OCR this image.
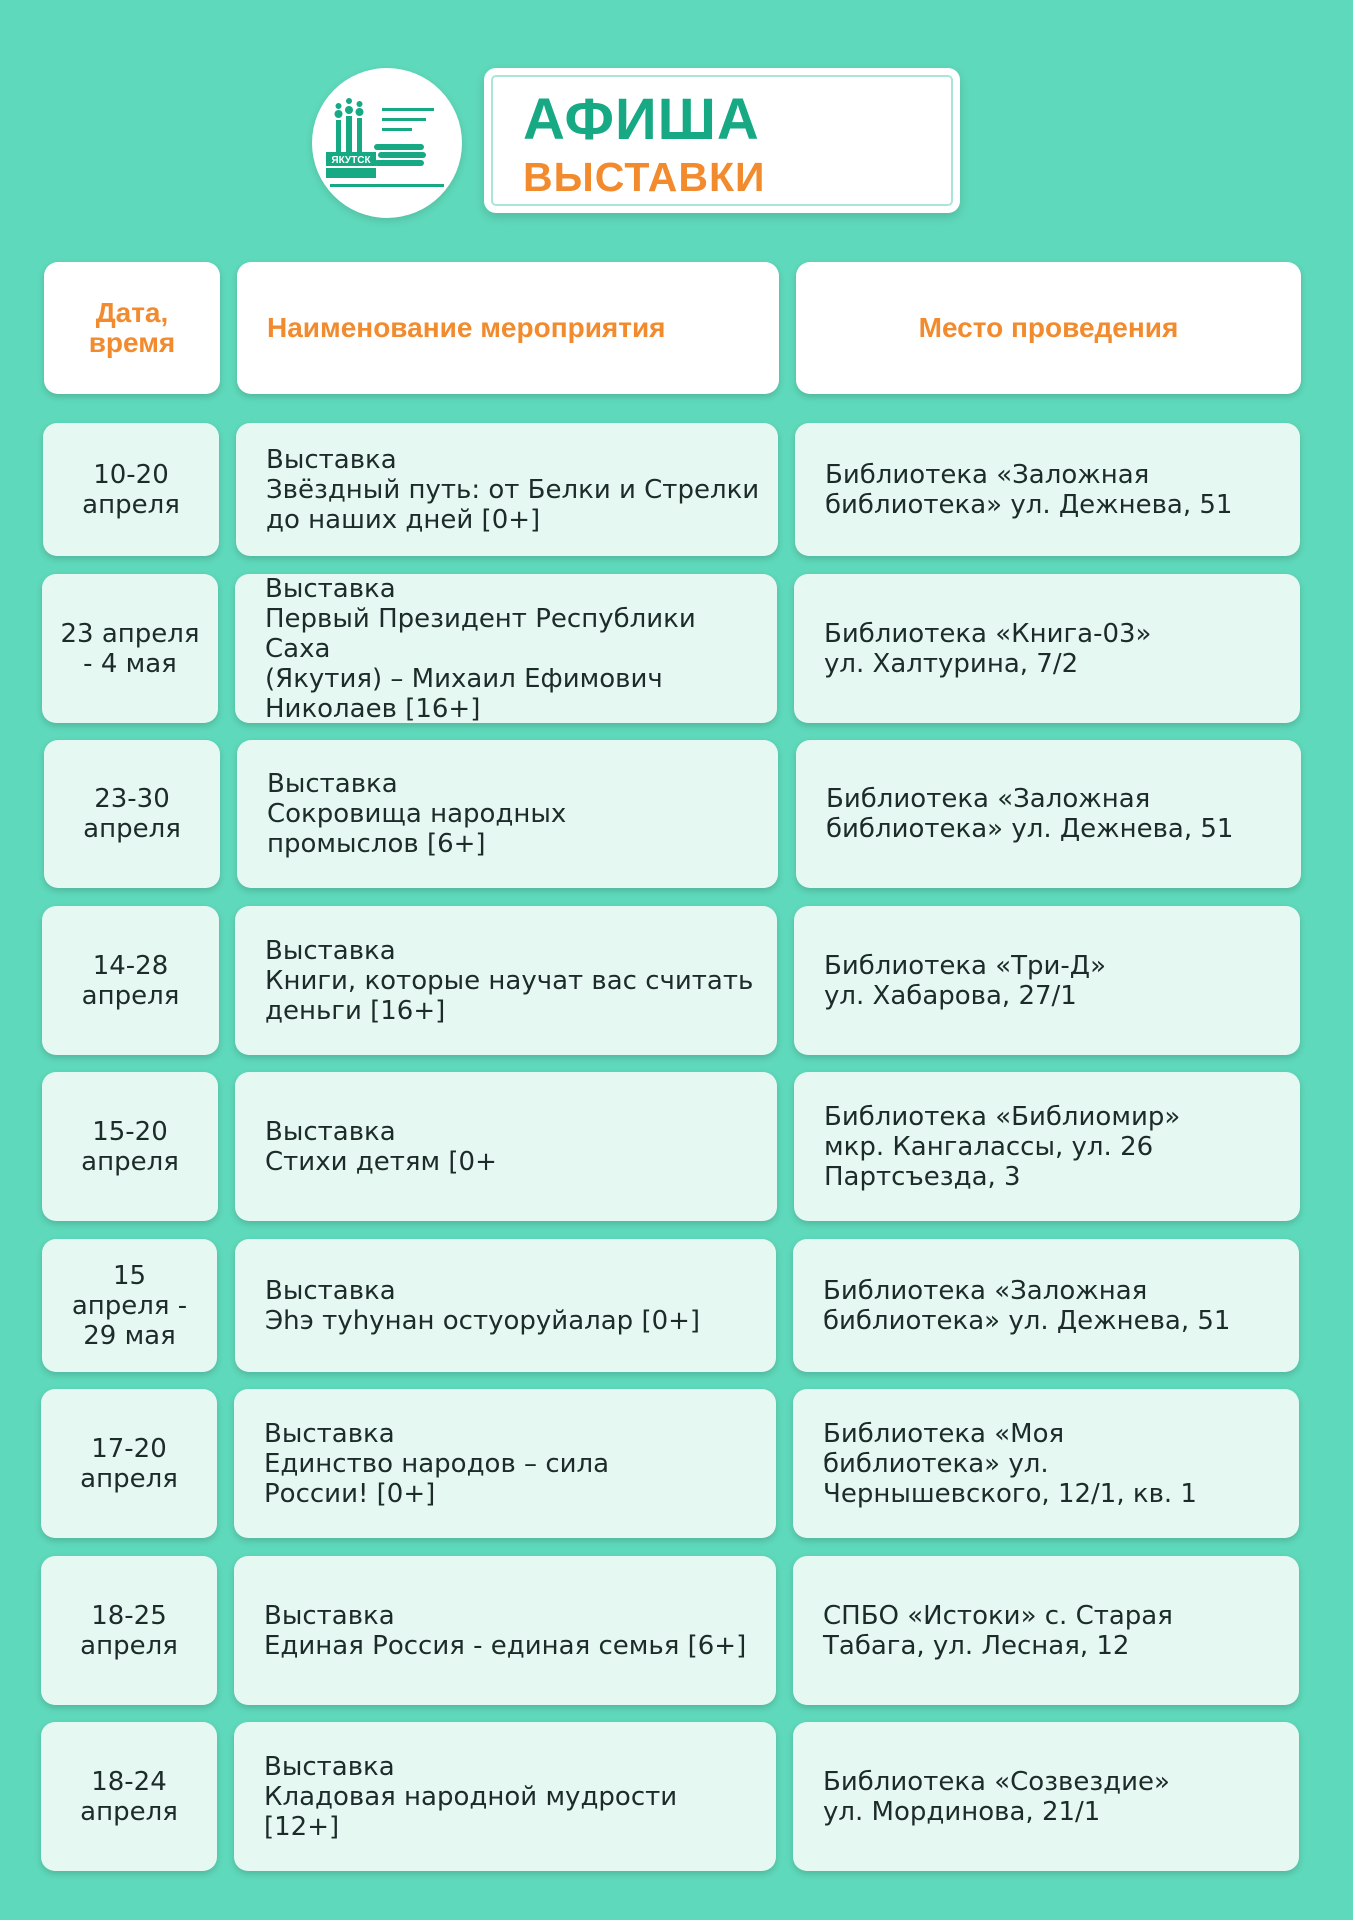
ЯКУТСК
АФИША
ВЫСТАВКИ
Дата,
время	Наименование мероприятия	Место проведения
10-20
апреля
Выставка
Звёздный путь: от Белки и Стрелки
до наших дней [0+]
Библиотека «Заложная
библиотека» ул. Дежнева, 51
23 апреля
- 4 мая
Выставка
Первый Президент Республики Саха
(Якутия) – Михаил Ефимович
Николаев [16+]
Библиотека «Книга-03»
ул. Халтурина, 7/2
23-30
апреля
Выставка
Сокровища народных
промыслов [6+]
Библиотека «Заложная
библиотека» ул. Дежнева, 51
14-28
апреля
Выставка
Книги, которые научат вас считать
деньги [16+]
Библиотека «Три-Д»
ул. Хабарова, 27/1
15-20
апреля
Выставка
Стихи детям [0+
Библиотека «Библиомир»
мкр. Кангалассы, ул. 26
Партсъезда, 3
15
апреля -
29 мая
Выставка
Эһэ туһунан остуоруйалар [0+]
Библиотека «Заложная
библиотека» ул. Дежнева, 51
17-20
апреля
Выставка
Единство народов – сила
России! [0+]
Библиотека «Моя
библиотека» ул.
Чернышевского, 12/1, кв. 1
18-25
апреля
Выставка
Единая Россия - единая семья [6+]
СПБО «Истоки» с. Старая
Табага, ул. Лесная, 12
18-24
апреля
Выставка
Кладовая народной мудрости [12+]
Библиотека «Созвездие»
ул. Мординова, 21/1
